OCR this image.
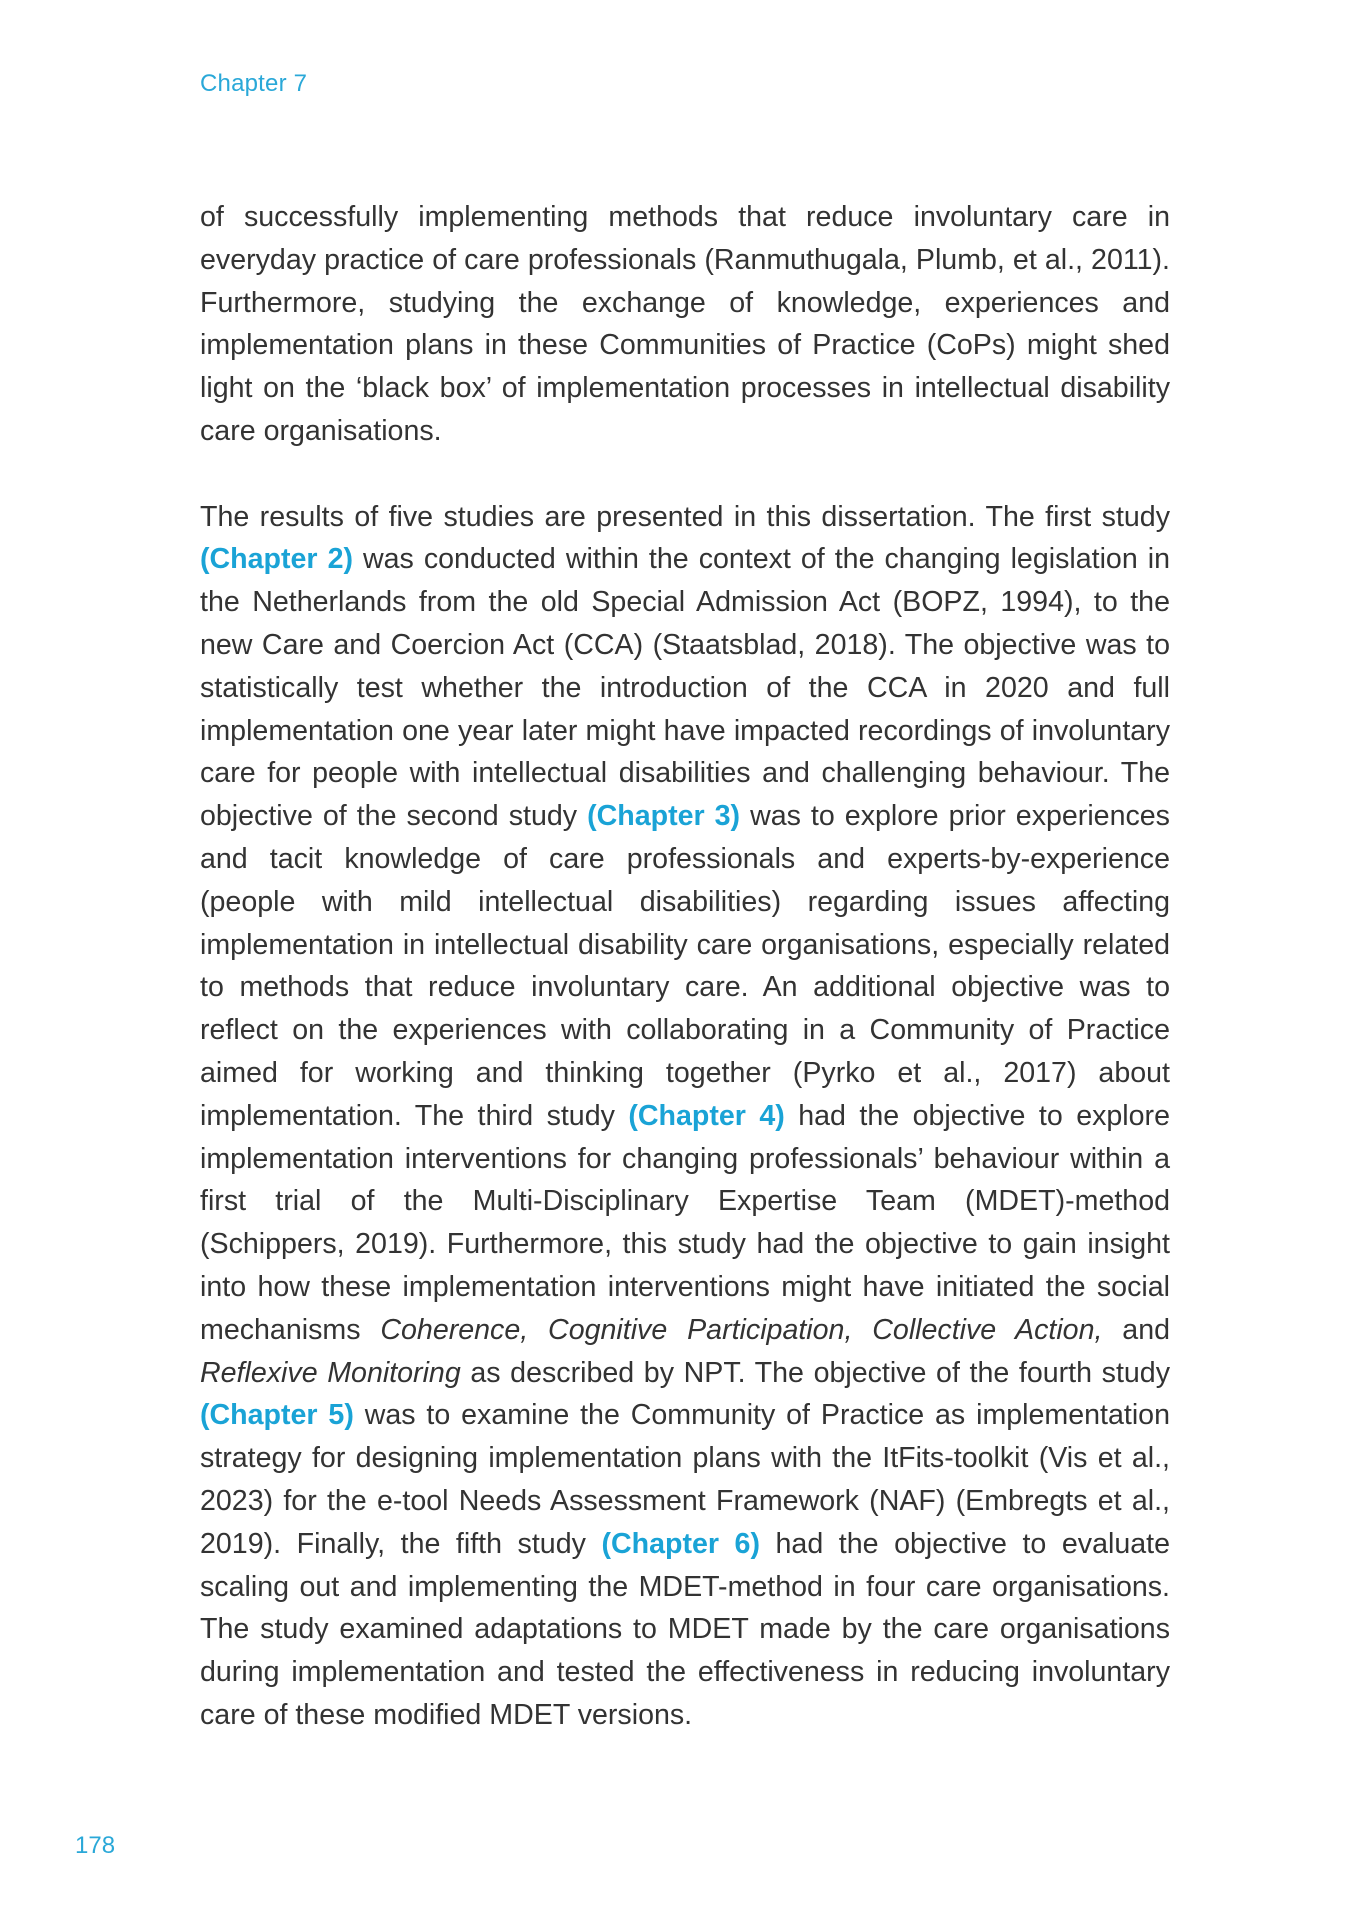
Chapter 7

of successfully implementing methods that reduce involuntary care in everyday practice of care professionals (Ranmuthugala, Plumb, et al., 2011). Furthermore, studying the exchange of knowledge, experiences and implementation plans in these Communities of Practice (CoPs) might shed light on the ‘black box’ of implementation processes in intellectual disability care organisations.

The results of five studies are presented in this dissertation. The first study (Chapter 2) was conducted within the context of the changing legislation in the Netherlands from the old Special Admission Act (BOPZ, 1994), to the new Care and Coercion Act (CCA) (Staatsblad, 2018). The objective was to statistically test whether the introduction of the CCA in 2020 and full implementation one year later might have impacted recordings of involuntary care for people with intellectual disabilities and challenging behaviour. The objective of the second study (Chapter 3) was to explore prior experiences and tacit knowledge of care professionals and experts-by-experience (people with mild intellectual disabilities) regarding issues affecting implementation in intellectual disability care organisations, especially related to methods that reduce involuntary care. An additional objective was to reflect on the experiences with collaborating in a Community of Practice aimed for working and thinking together (Pyrko et al., 2017) about implementation. The third study (Chapter 4) had the objective to explore implementation interventions for changing professionals’ behaviour within a first trial of the Multi-Disciplinary Expertise Team (MDET)-method (Schippers, 2019). Furthermore, this study had the objective to gain insight into how these implementation interventions might have initiated the social mechanisms Coherence, Cognitive Participation, Collective Action, and Reflexive Monitoring as described by NPT. The objective of the fourth study (Chapter 5) was to examine the Community of Practice as implementation strategy for designing implementation plans with the ItFits-toolkit (Vis et al., 2023) for the e-tool Needs Assessment Framework (NAF) (Embregts et al., 2019). Finally, the fifth study (Chapter 6) had the objective to evaluate scaling out and implementing the MDET-method in four care organisations. The study examined adaptations to MDET made by the care organisations during implementation and tested the effectiveness in reducing involuntary care of these modified MDET versions.

178
